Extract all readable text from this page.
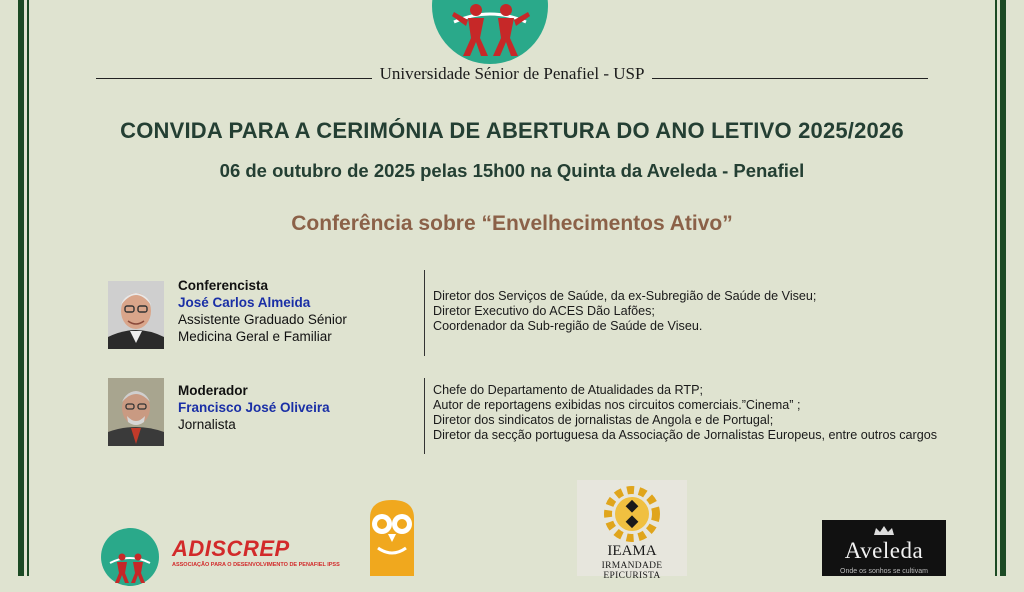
Universidade Sénior de Penafiel - USP
CONVIDA PARA A CERIMÓNIA DE ABERTURA DO ANO LETIVO 2025/2026
06 de outubro de 2025 pelas 15h00 na Quinta da Aveleda - Penafiel
Conferência sobre “Envelhecimentos Ativo”
Conferencista
José Carlos Almeida
Assistente Graduado Sénior
Medicina Geral e Familiar
Diretor dos Serviços de Saúde, da ex-Subregião de Saúde de Viseu;
Diretor Executivo do ACES Dão Lafões;
Coordenador da Sub-região de Saúde de Viseu.
Moderador
Francisco José Oliveira
Jornalista
Chefe do Departamento de Atualidades da RTP;
Autor de reportagens exibidas nos circuitos comerciais.”Cinema” ;
Diretor dos sindicatos de jornalistas de Angola e de Portugal;
Diretor da secção portuguesa da Associação de Jornalistas Europeus, entre outros cargos
ADISCREP
ASSOCIAÇÃO PARA O DESENVOLVIMENTO DE PENAFIEL IPSS
IEAMA
IRMANDADE EPICURISTA
Aveleda
Onde os sonhos se cultivam
